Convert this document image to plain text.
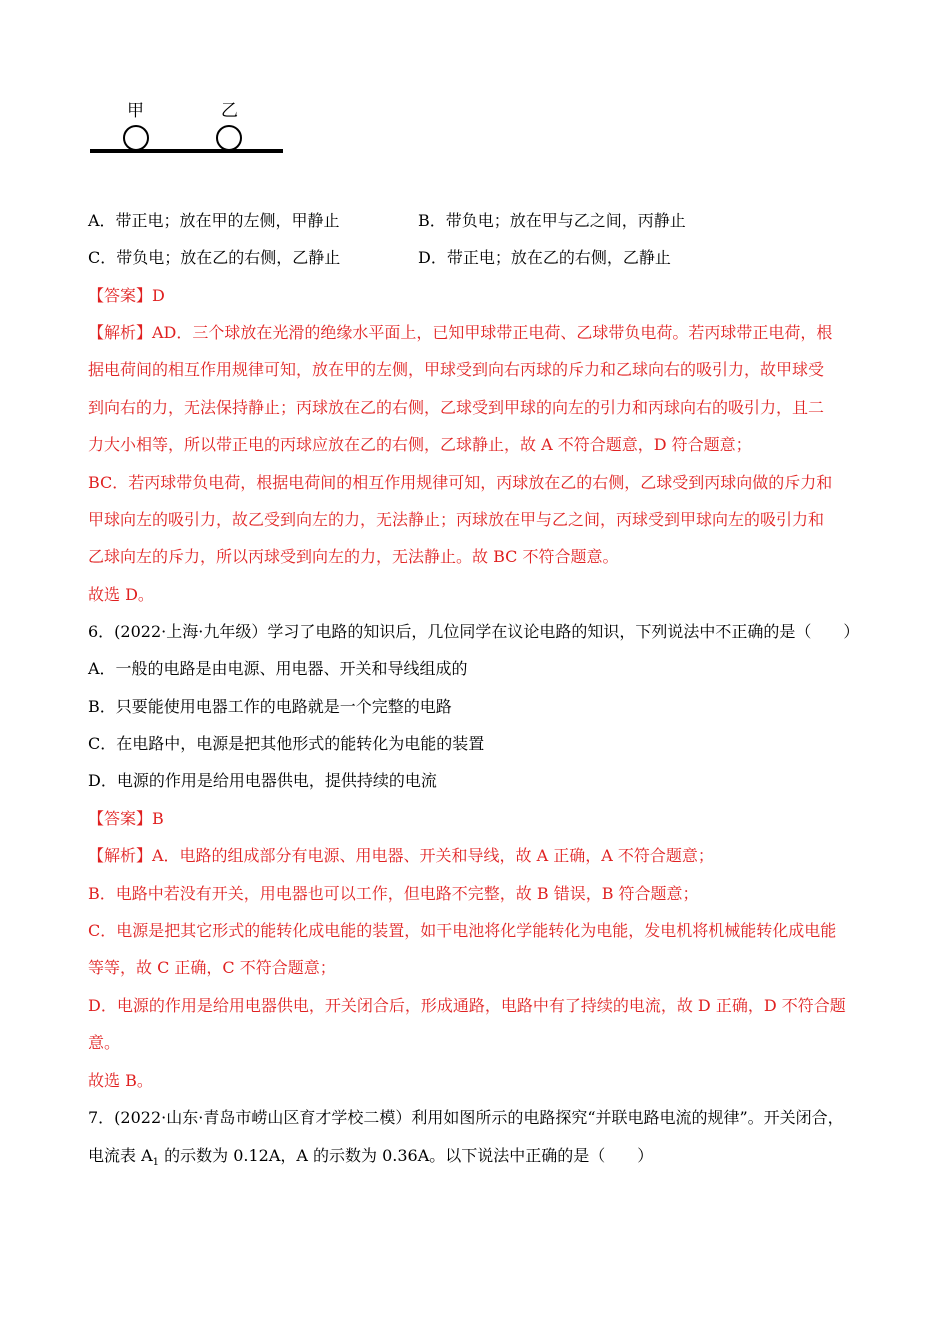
甲	乙
A．带正电；放在甲的左侧，甲静止	B．带负电；放在甲与乙之间，丙静止
C．带负电；放在乙的右侧，乙静止	D．带正电；放在乙的右侧，乙静止
【答案】D
【解析】AD．三个球放在光滑的绝缘水平面上，已知甲球带正电荷、乙球带负电荷。若丙球带正电荷，根
据电荷间的相互作用规律可知，放在甲的左侧，甲球受到向右丙球的斥力和乙球向右的吸引力，故甲球受
到向右的力，无法保持静止；丙球放在乙的右侧，乙球受到甲球的向左的引力和丙球向右的吸引力，且二
力大小相等，所以带正电的丙球应放在乙的右侧，乙球静止，故 A 不符合题意，D 符合题意；
BC．若丙球带负电荷，根据电荷间的相互作用规律可知，丙球放在乙的右侧，乙球受到丙球向做的斥力和
甲球向左的吸引力，故乙受到向左的力，无法静止；丙球放在甲与乙之间，丙球受到甲球向左的吸引力和
乙球向左的斥力，所以丙球受到向左的力，无法静止。故 BC 不符合题意。
故选 D。
6．(2022·上海·九年级）学习了电路的知识后，几位同学在议论电路的知识，下列说法中不正确的是（　　）
A．一般的电路是由电源、用电器、开关和导线组成的
B．只要能使用电器工作的电路就是一个完整的电路
C．在电路中，电源是把其他形式的能转化为电能的装置
D．电源的作用是给用电器供电，提供持续的电流
【答案】B
【解析】A．电路的组成部分有电源、用电器、开关和导线，故 A 正确，A 不符合题意；
B．电路中若没有开关，用电器也可以工作，但电路不完整，故 B 错误，B 符合题意；
C．电源是把其它形式的能转化成电能的装置，如干电池将化学能转化为电能，发电机将机械能转化成电能
等等，故 C 正确，C 不符合题意；
D．电源的作用是给用电器供电，开关闭合后，形成通路，电路中有了持续的电流，故 D 正确，D 不符合题
意。
故选 B。
7．(2022·山东·青岛市崂山区育才学校二模）利用如图所示的电路探究“并联电路电流的规律”。开关闭合，
电流表 $A_1$ 的示数为 0.12A，A 的示数为 0.36A。以下说法中正确的是（　　）
